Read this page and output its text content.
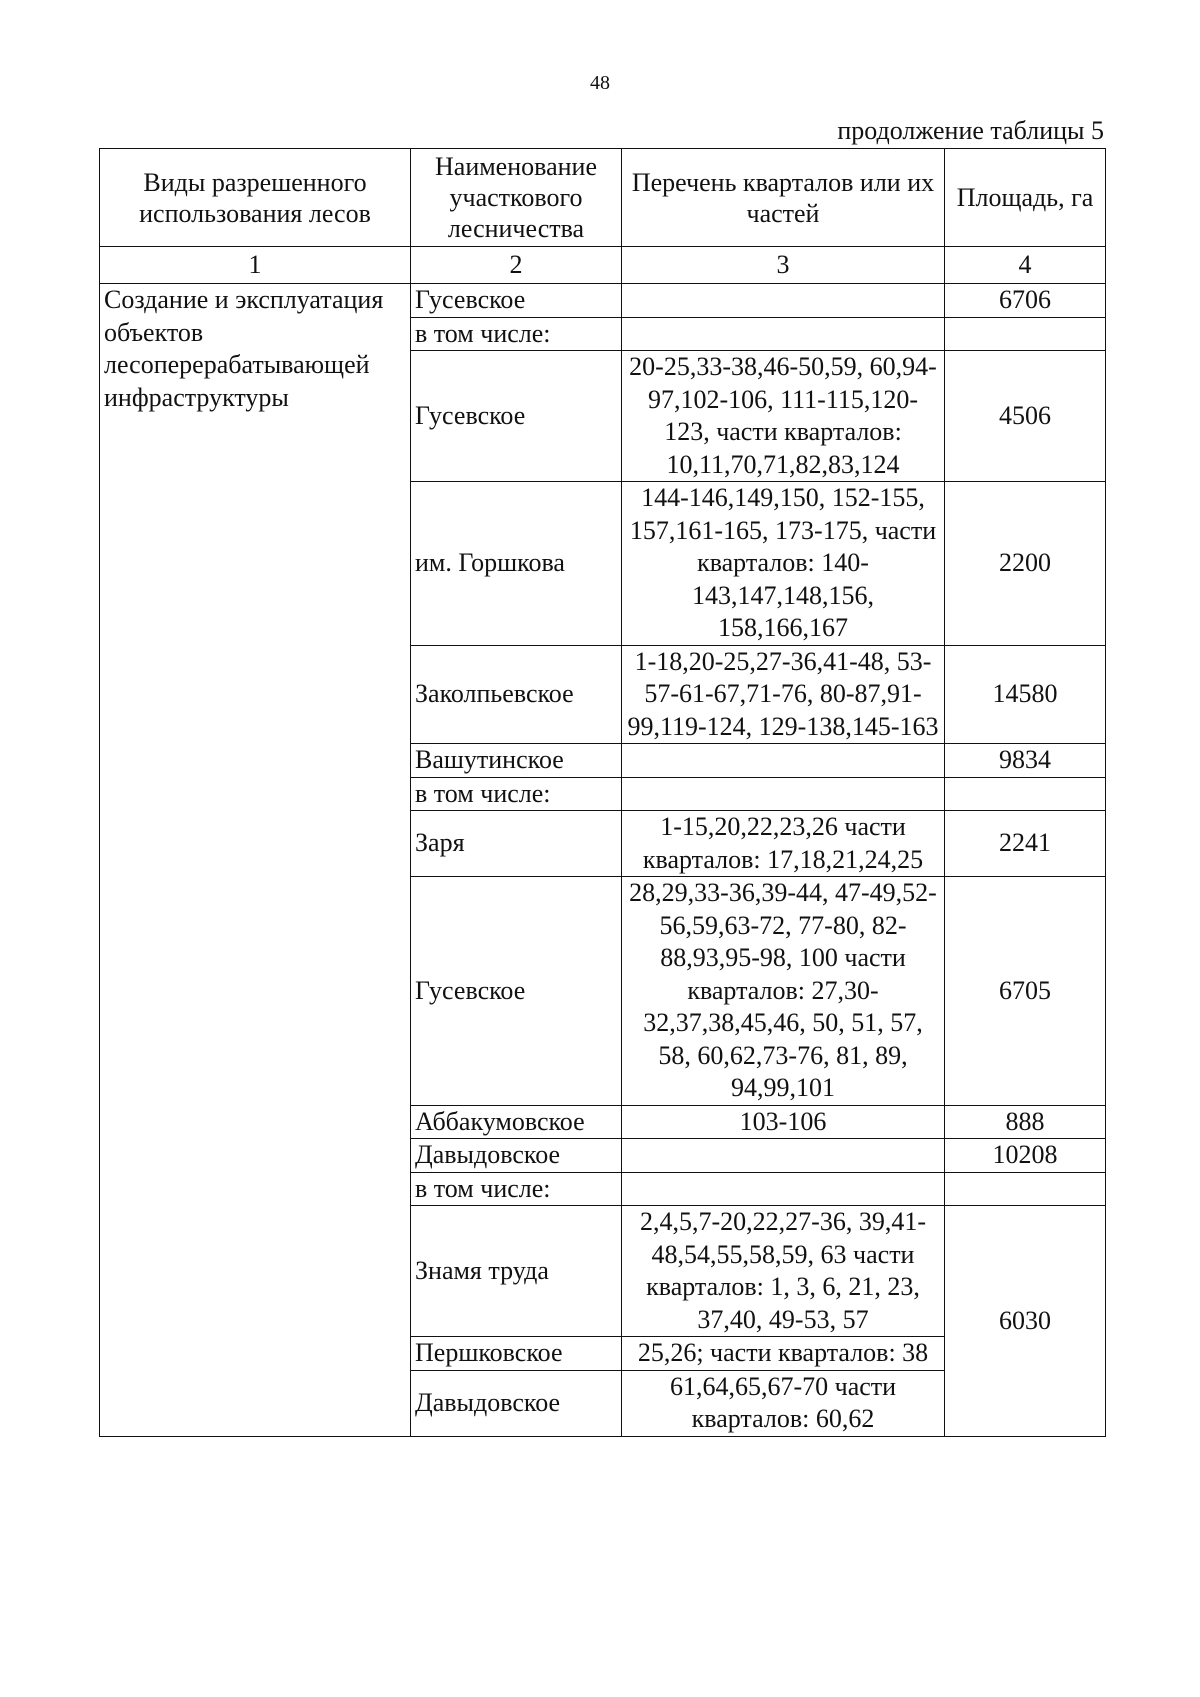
48
продолжение таблицы 5
Виды разрешенного использования лесов	Наименование участкового лесничества	Перечень кварталов или их частей	Площадь, га
1	2	3	4
Создание и эксплуатация объектов лесоперерабатывающей инфраструктуры	Гусевское		6706
	в том числе:		
	Гусевское	20-25,33-38,46-50,59, 60,94-97,102-106, 111-115,120-123, части кварталов: 10,11,70,71,82,83,124	4506
	им. Горшкова	144-146,149,150, 152-155, 157,161-165, 173-175, части кварталов: 140-143,147,148,156, 158,166,167	2200
	Заколпьевское	1-18,20-25,27-36,41-48, 53-57-61-67,71-76, 80-87,91-99,119-124, 129-138,145-163	14580
	Вашутинское		9834
	в том числе:		
	Заря	1-15,20,22,23,26 части кварталов: 17,18,21,24,25	2241
	Гусевское	28,29,33-36,39-44, 47-49,52-56,59,63-72, 77-80, 82-88,93,95-98, 100 части кварталов: 27,30-32,37,38,45,46, 50, 51, 57, 58, 60,62,73-76, 81, 89, 94,99,101	6705
	Аббакумовское	103-106	888
	Давыдовское		10208
	в том числе:		
	Знамя труда	2,4,5,7-20,22,27-36, 39,41-48,54,55,58,59, 63 части кварталов: 1, 3, 6, 21, 23, 37,40, 49-53, 57	6030
	Першковское	25,26; части кварталов: 38	
	Давыдовское	61,64,65,67-70 части кварталов: 60,62	
